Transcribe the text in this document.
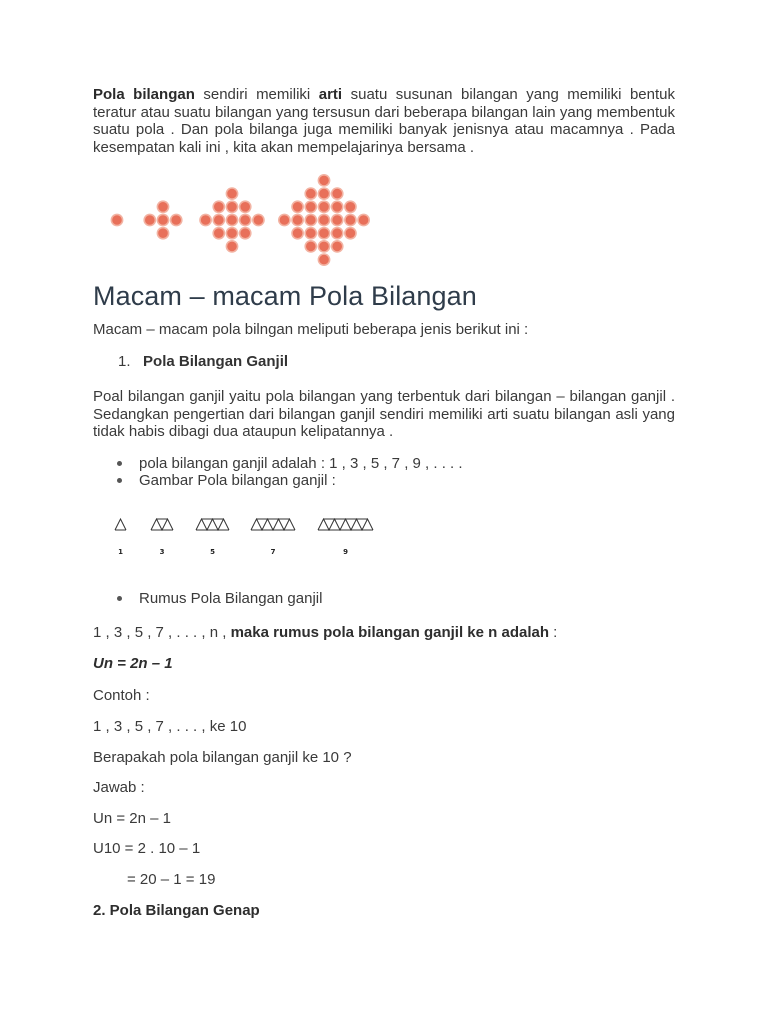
Pola bilangan sendiri memiliki arti suatu susunan bilangan yang memiliki bentuk teratur atau suatu bilangan yang tersusun dari beberapa bilangan lain yang membentuk suatu pola . Dan pola bilanga juga memiliki banyak jenisnya atau macamnya . Pada kesempatan kali ini , kita akan mempelajarinya bersama .

Macam – macam Pola Bilangan
Macam – macam pola bilngan meliputi beberapa jenis berikut ini :
1. Pola Bilangan Ganjil

Poal bilangan ganjil yaitu pola bilangan yang terbentuk dari bilangan – bilangan ganjil . Sedangkan pengertian dari bilangan ganjil sendiri memiliki arti suatu bilangan asli yang tidak habis dibagi dua ataupun kelipatannya .

pola bilangan ganjil adalah : 1 , 3 , 5 , 7 , 9 , . . . .
Gambar Pola bilangan ganjil :
1	3	5	7	9
Rumus Pola Bilangan ganjil
1 , 3 , 5 , 7 , . . . , n , maka rumus pola bilangan ganjil ke n adalah :
Un = 2n – 1
Contoh :
1 , 3 , 5 , 7 , . . . , ke 10
Berapakah pola bilangan ganjil ke 10 ?
Jawab :
Un = 2n – 1
U10 = 2 . 10 – 1
= 20 – 1 = 19
2. Pola Bilangan Genap
